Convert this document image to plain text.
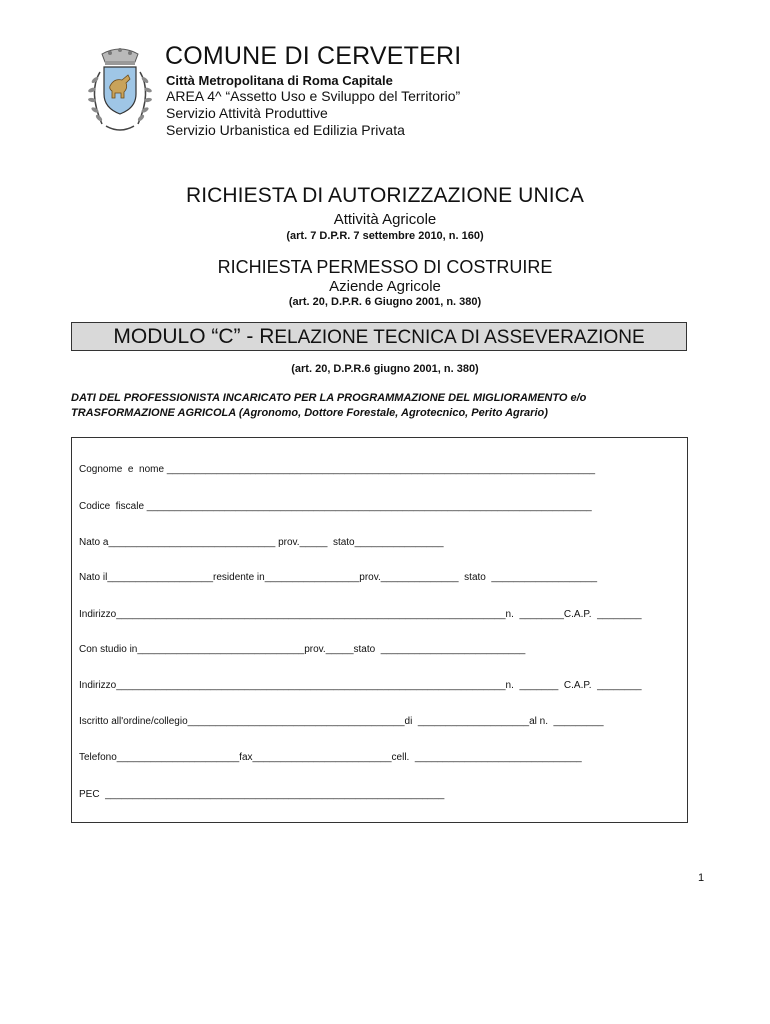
COMUNE DI CERVETERI
Città Metropolitana di Roma Capitale
AREA 4^ “Assetto Uso e Sviluppo del Territorio”
Servizio Attività Produttive
Servizio Urbanistica ed Edilizia Privata
RICHIESTA DI AUTORIZZAZIONE UNICA
Attività Agricole
(art. 7 D.P.R. 7 settembre 2010, n. 160)
RICHIESTA PERMESSO DI COSTRUIRE
Aziende Agricole
(art. 20, D.P.R. 6 Giugno 2001, n. 380)
MODULO “C” - RELAZIONE TECNICA DI ASSEVERAZIONE
(art. 20, D.P.R.6 giugno 2001, n. 380)
DATI DEL PROFESSIONISTA INCARICATO PER LA PROGRAMMAZIONE DEL MIGLIORAMENTO e/o TRASFORMAZIONE AGRICOLA (Agronomo, Dottore Forestale, Agrotecnico, Perito Agrario)
Cognome  e  nome _____________________________________________________________________________
Codice  fiscale ________________________________________________________________________________
Nato a______________________________ prov._____  stato________________
Nato il___________________residente in_________________prov.______________  stato  ___________________
Indirizzo______________________________________________________________________n.  ________C.A.P.  ________
Con studio in______________________________prov._____stato  __________________________
Indirizzo______________________________________________________________________n.  _______  C.A.P.  ________
Iscritto all'ordine/collegio_______________________________________di  ____________________al n.  _________
Telefono______________________fax_________________________cell.  ______________________________
PEC  _____________________________________________________________
1
